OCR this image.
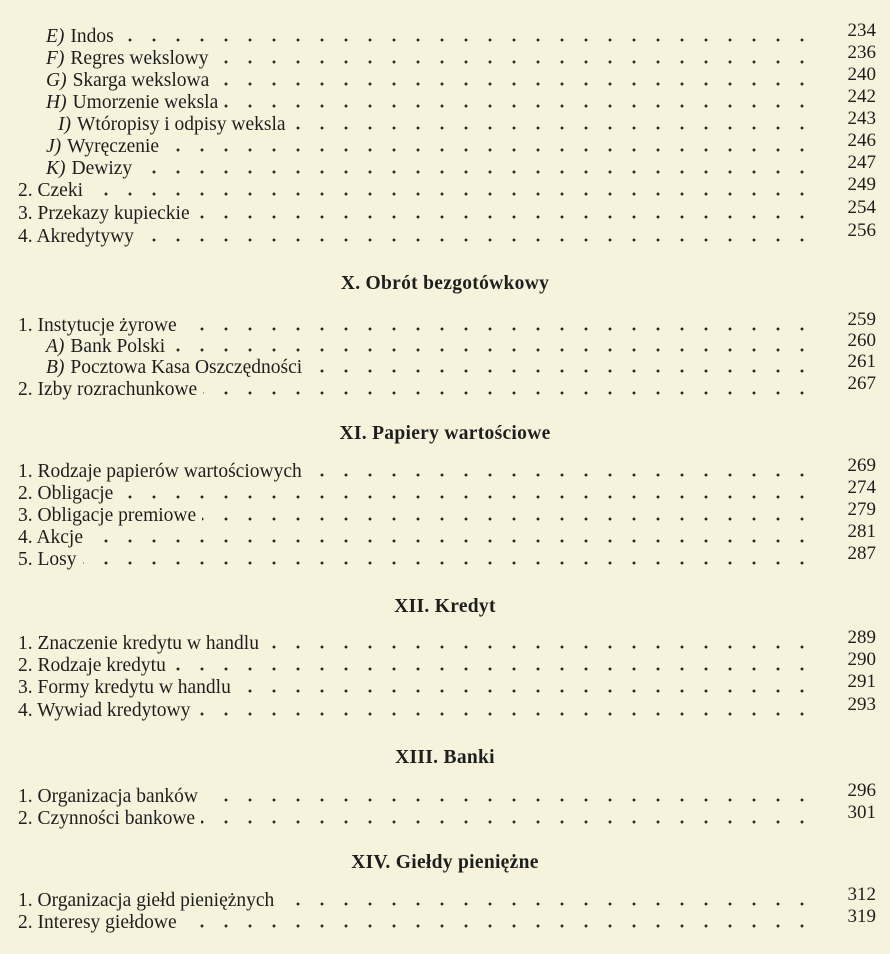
E) Indos	234
F) Regres wekslowy	236
G) Skarga wekslowa	240
H) Umorzenie weksla	242
I) Wtóropisy i odpisy weksla	243
J) Wyręczenie	246
K) Dewizy	247
2. Czeki	249
3. Przekazy kupieckie	254
4. Akredytywy	256
X. Obrót bezgotówkowy
1. Instytucje żyrowe	259
A) Bank Polski	260
B) Pocztowa Kasa Oszczędności	261
2. Izby rozrachunkowe	267
XI. Papiery wartościowe
1. Rodzaje papierów wartościowych	269
2. Obligacje	274
3. Obligacje premiowe	279
4. Akcje	281
5. Losy	287
XII. Kredyt
1. Znaczenie kredytu w handlu	289
2. Rodzaje kredytu	290
3. Formy kredytu w handlu	291
4. Wywiad kredytowy	293
XIII. Banki
1. Organizacja banków	296
2. Czynności bankowe	301
XIV. Giełdy pieniężne
1. Organizacja giełd pieniężnych	312
2. Interesy giełdowe	319
